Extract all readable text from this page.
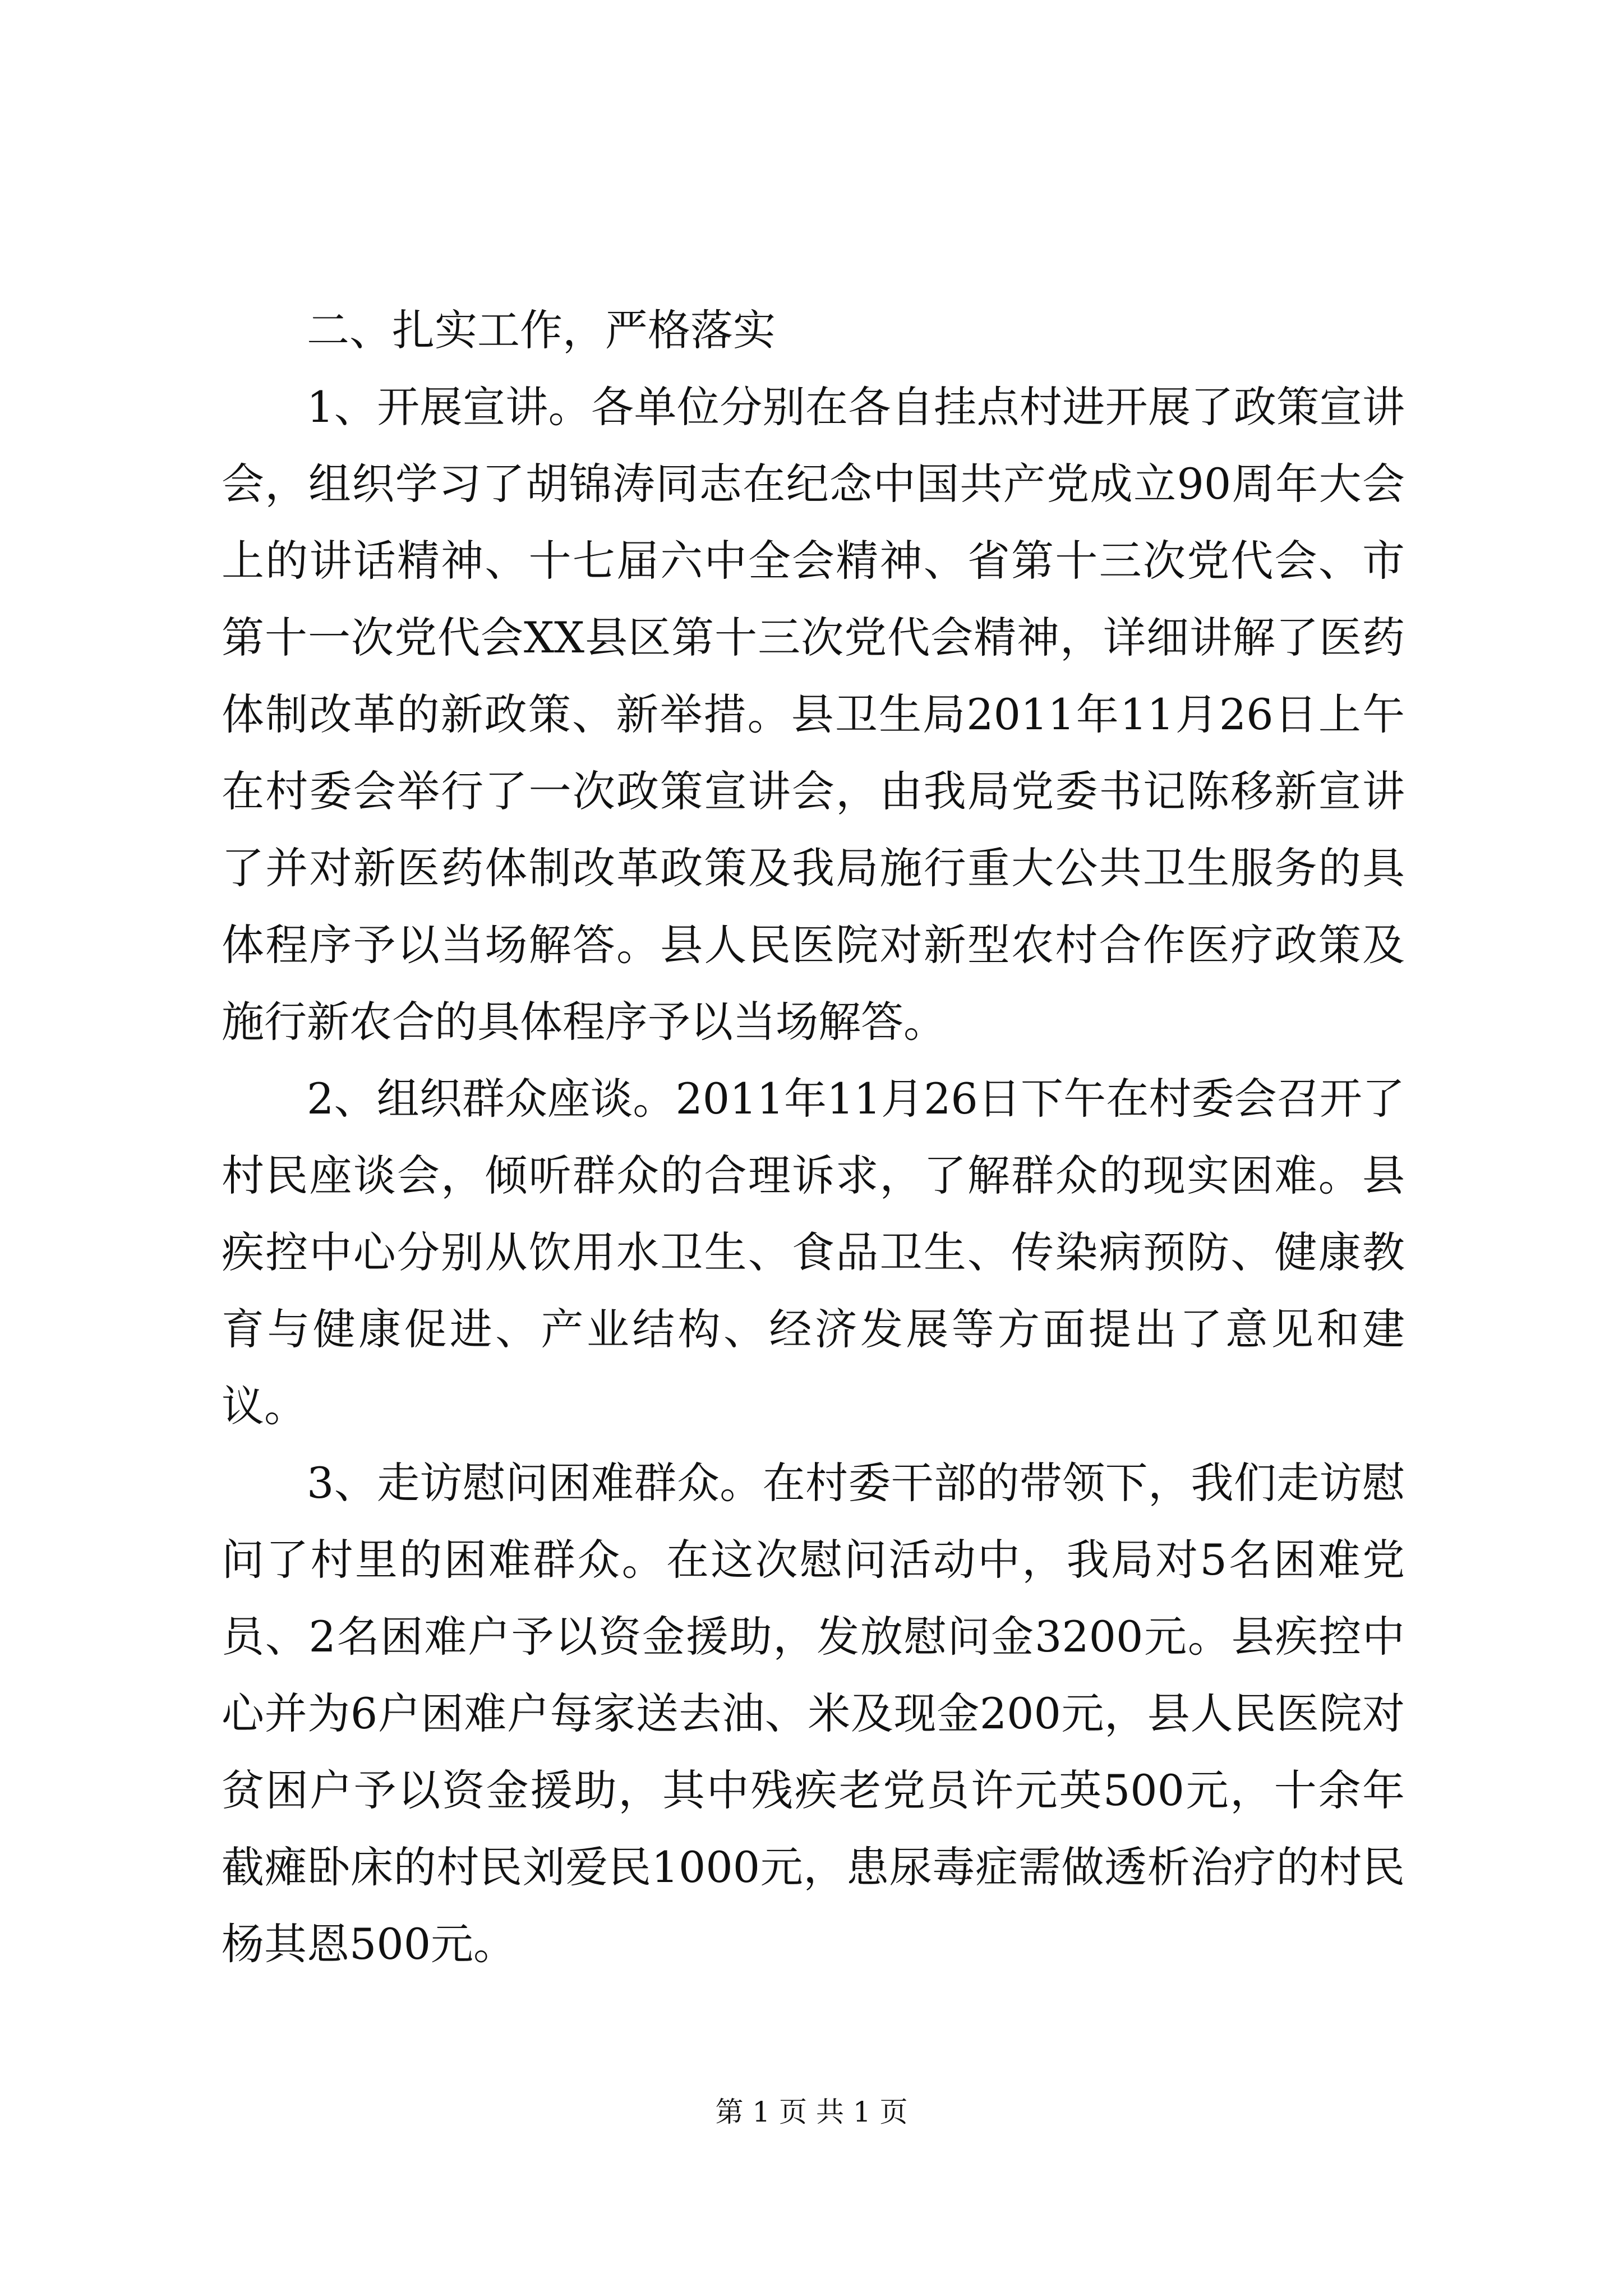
二、扎实工作，严格落实

1、开展宣讲。各单位分别在各自挂点村进开展了政策宣讲会，组织学习了胡锦涛同志在纪念中国共产党成立90周年大会上的讲话精神、十七届六中全会精神、省第十三次党代会、市第十一次党代会XX县区第十三次党代会精神，详细讲解了医药体制改革的新政策、新举措。县卫生局2011年11月26日上午在村委会举行了一次政策宣讲会，由我局党委书记陈移新宣讲了并对新医药体制改革政策及我局施行重大公共卫生服务的具体程序予以当场解答。县人民医院对新型农村合作医疗政策及施行新农合的具体程序予以当场解答。

2、组织群众座谈。2011年11月26日下午在村委会召开了村民座谈会，倾听群众的合理诉求，了解群众的现实困难。县疾控中心分别从饮用水卫生、食品卫生、传染病预防、健康教育与健康促进、产业结构、经济发展等方面提出了意见和建议。

3、走访慰问困难群众。在村委干部的带领下，我们走访慰问了村里的困难群众。在这次慰问活动中，我局对5名困难党员、2名困难户予以资金援助，发放慰问金3200元。县疾控中心并为6户困难户每家送去油、米及现金200元，县人民医院对贫困户予以资金援助，其中残疾老党员许元英500元，十余年截瘫卧床的村民刘爱民1000元，患尿毒症需做透析治疗的村民杨其恩500元。

第 1 页 共 1 页
